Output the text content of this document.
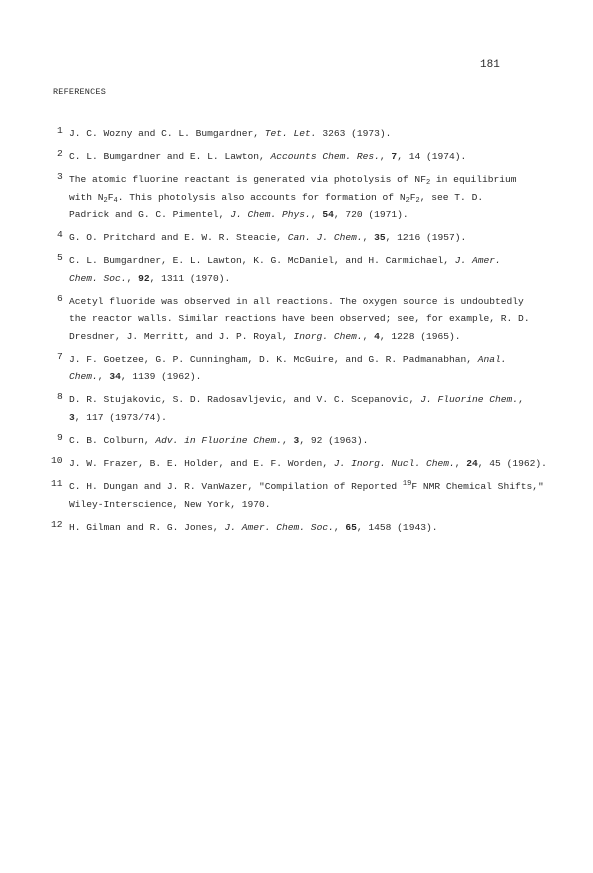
181
REFERENCES
1 J. C. Wozny and C. L. Bumgardner, Tet. Let. 3263 (1973).
2 C. L. Bumgardner and E. L. Lawton, Accounts Chem. Res., 7, 14 (1974).
3 The atomic fluorine reactant is generated via photolysis of $NF_2$ in equilibrium
with $N_2F_4$. This photolysis also accounts for formation of $N_2F_2$, see T. D.
Padrick and G. C. Pimentel, J. Chem. Phys., 54, 720 (1971).
4 G. O. Pritchard and E. W. R. Steacie, Can. J. Chem., 35, 1216 (1957).
5 C. L. Bumgardner, E. L. Lawton, K. G. McDaniel, and H. Carmichael, J. Amer.
Chem. Soc., 92, 1311 (1970).
6 Acetyl fluoride was observed in all reactions. The oxygen source is undoubtedly
the reactor walls. Similar reactions have been observed; see, for example, R. D.
Dresdner, J. Merritt, and J. P. Royal, Inorg. Chem., 4, 1228 (1965).
7 J. F. Goetzee, G. P. Cunningham, D. K. McGuire, and G. R. Padmanabhan, Anal.
Chem., 34, 1139 (1962).
8 D. R. Stujakovic, S. D. Radosavljevic, and V. C. Scepanovic, J. Fluorine Chem.,
3, 117 (1973/74).
9 C. B. Colburn, Adv. in Fluorine Chem., 3, 92 (1963).
10 J. W. Frazer, B. E. Holder, and E. F. Worden, J. Inorg. Nucl. Chem., 24, 45 (1962).
11 C. H. Dungan and J. R. VanWazer, "Compilation of Reported $^{19}$F NMR Chemical Shifts,"
Wiley-Interscience, New York, 1970.
12 H. Gilman and R. G. Jones, J. Amer. Chem. Soc., 65, 1458 (1943).
